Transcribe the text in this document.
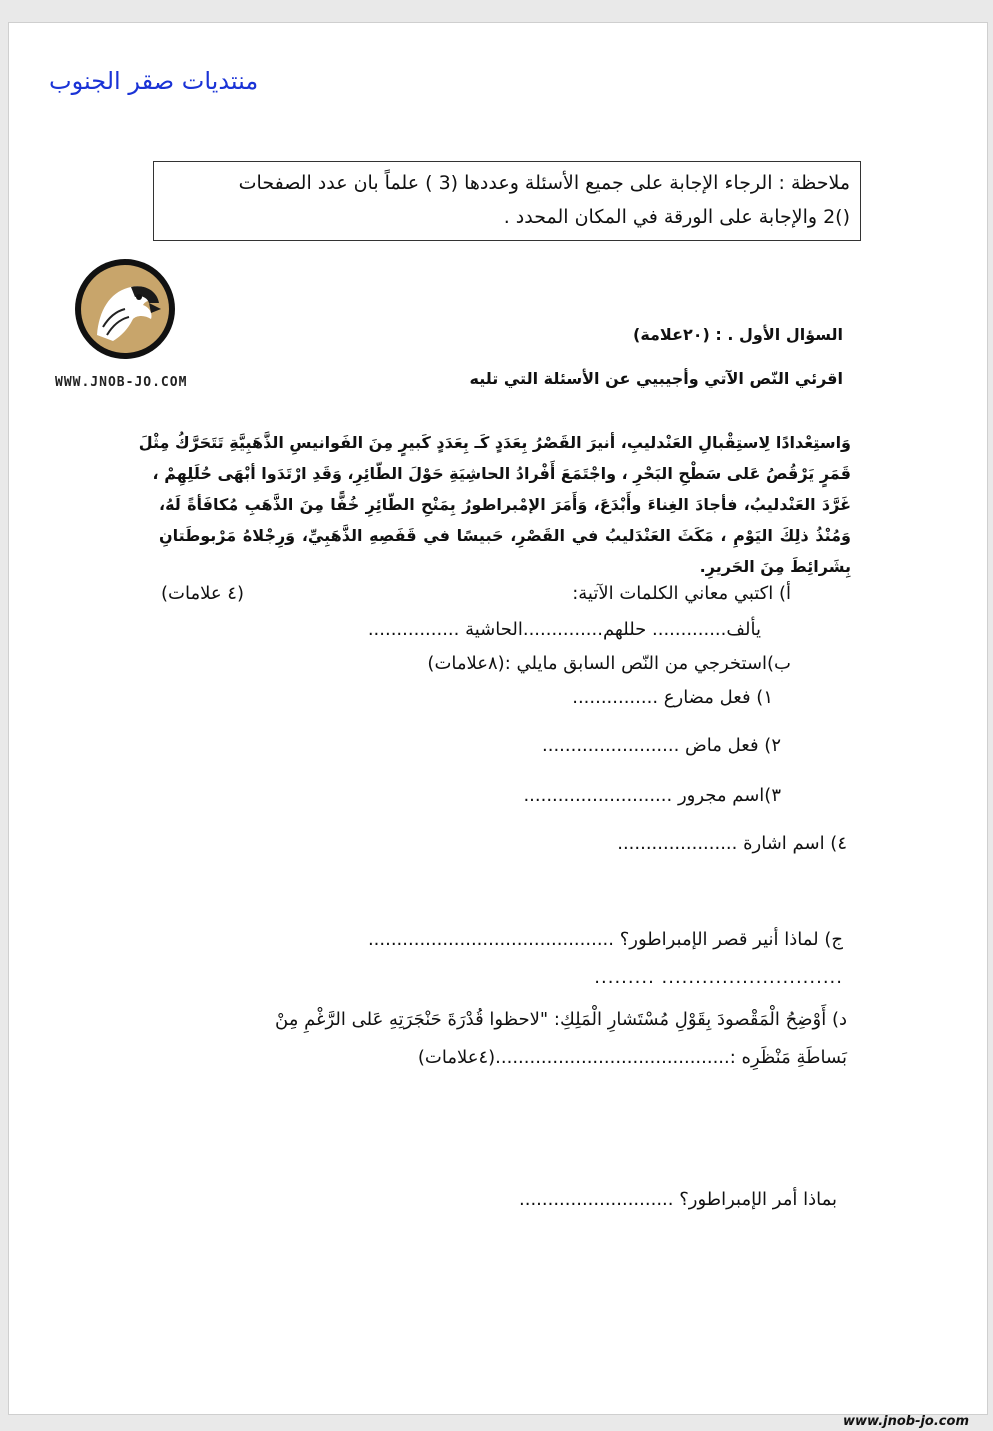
منتديات صقر الجنوب
ملاحظة : الرجاء الإجابة على جميع الأسئلة وعددها (3 ) علماً بان عدد الصفحات
()2 والإجابة على الورقة في المكان المحدد .
WWW.JNOB-JO.COM
السؤال الأول . : (٢٠علامة)
اقرئي النّص الآتي وأجيبيي عن الأسئلة التي تليه
وَاستِعْدادًا لِاستِقْبالِ العَنْدليبِ، أنيرَ القَصْرُ بِعَدَدٍ كَـ بِعَدَدٍ كَبيرٍ مِنَ الفَوانيسِ الذَّهَبِيَّةِ تَتَحَرَّكُ مِثْلَ
قَمَرٍ يَرْقُصُ عَلى سَطْحِ البَحْرِ ، واجْتَمَعَ أَفْرادُ الحاشِيَةِ حَوْلَ الطّائِرِ، وَقَدِ ارْتَدَوا أبْهَى حُلَلِهِمْ ،
غَرَّدَ العَنْدليبُ، فأجادَ الغِناءَ وأَبْدَعَ، وَأَمَرَ الإمْبراطورُ بِمَنْحِ الطّائِرِ خُفًّا مِنَ الذَّهَبِ مُكافَأةً لَهُ،
وَمُنْذُ ذلِكَ اليَوْمِ ، مَكَثَ العَنْدَليبُ في القَصْرِ، حَبيسًا في قَفَصِهِ الذَّهَبِيِّ، وَرِجْلاهُ مَرْبوطَتانِ
بِشَرائِطَ مِنَ الحَريرِ.
أ) اكتبي معاني الكلمات الآتية:
(٤ علامات)
يألف............. حللهم..............الحاشية ................
ب)استخرجي من النّص السابق مايلي :(٨علامات)
١) فعل مضارع ...............
٢) فعل ماض ........................
٣)اسم مجرور ..........................
٤) اسم اشارة .....................
ج) لماذا أنير قصر الإمبراطور؟ ...........................................
........................... .........
د) أَوْضِحُ الْمَقْصودَ بِقَوْلِ مُسْتَشارِ الْمَلِكِ: "لاحظوا قُدْرَةَ حَنْجَرَتِهِ عَلى الرَّغْمِ مِنْ
بَساطَةِ مَنْظَرِه :.........................................(٤علامات)
بماذا أمر الإمبراطور؟ ...........................
www.jnob-jo.com
